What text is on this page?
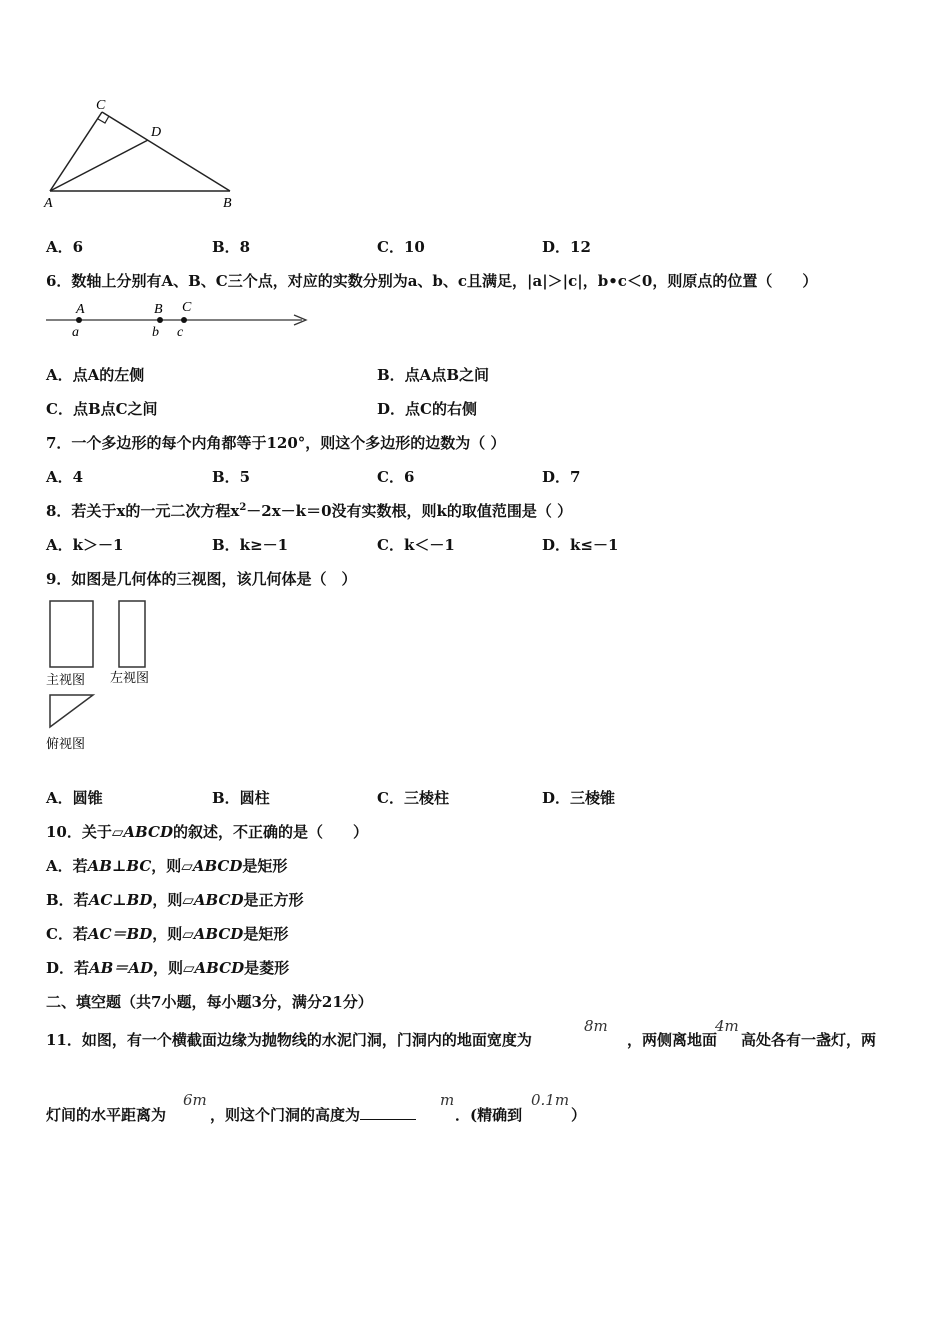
C
D
A	B
A．6	B．8	C．10	D．12
6．数轴上分别有A、B、C三个点，对应的实数分别为a、b、c且满足，|a|＞|c|，b•c＜0，则原点的位置（　　）
A	B C
a	b c
A．点A的左侧	B．点A点B之间
C．点B点C之间	D．点C的右侧
7．一个多边形的每个内角都等于120°，则这个多边形的边数为（ ）
A．4	B．5	C．6	D．7
8．若关于x的一元二次方程$x^2-2x-k=0$没有实数根，则k的取值范围是（ ）
A．k＞－1	B．k≥－1	C．k＜－1	D．k≤－1
9．如图是几何体的三视图，该几何体是（　）
主视图 左视图
俯视图
A．圆锥	B．圆柱	C．三棱柱	D．三棱锥
10．关于▱ABCD的叙述，不正确的是（　　）
A．若AB⊥BC，则▱ABCD是矩形
B．若AC⊥BD，则▱ABCD是正方形
C．若AC＝BD，则▱ABCD是矩形
D．若AB＝AD，则▱ABCD是菱形
二、填空题（共7小题，每小题3分，满分21分）
11．如图，有一个横截面边缘为抛物线的水泥门洞，门洞内的地面宽度为
8m
，两侧离地面
4m
高处各有一盏灯，两
灯间的水平距离为
6m
，则这个门洞的高度为
m
．(精确到
0.1m
）
